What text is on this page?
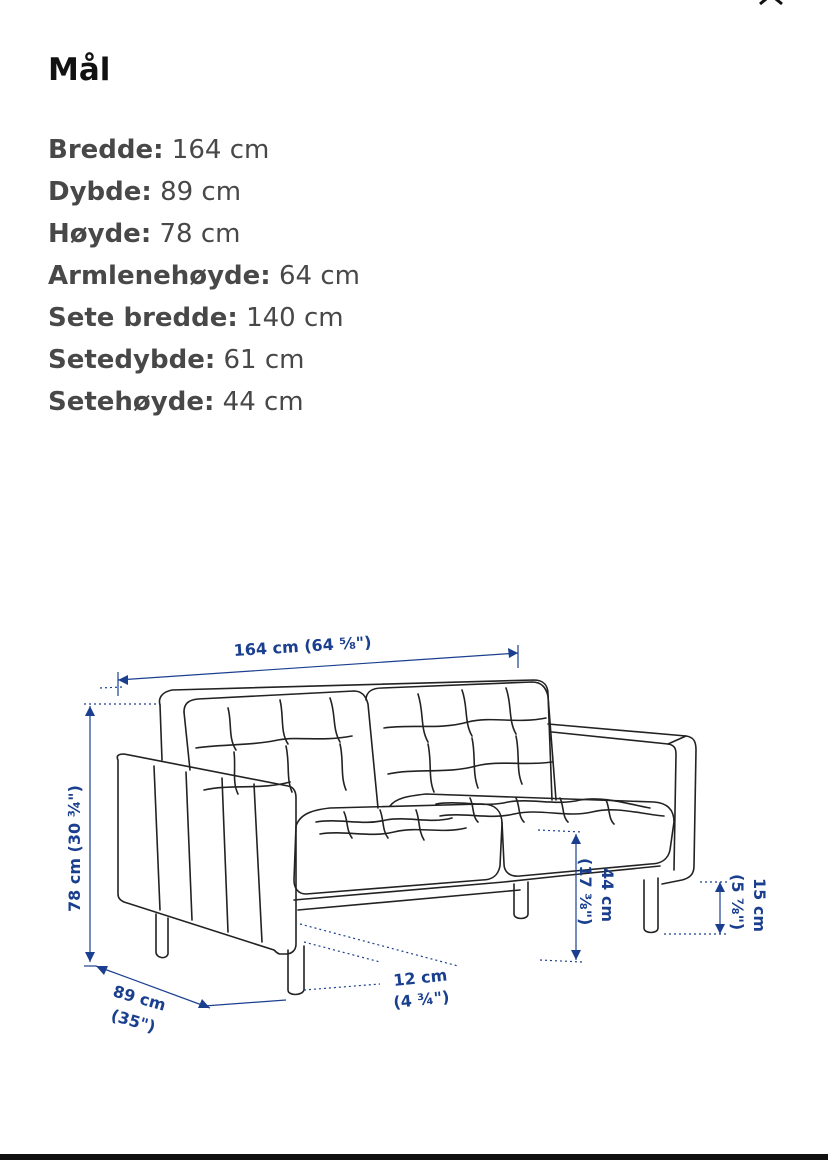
Mål
Bredde: 164 cm
Dybde: 89 cm
Høyde: 78 cm
Armlenehøyde: 64 cm
Sete bredde: 140 cm
Setedybde: 61 cm
Setehøyde: 44 cm
164 cm (64 ⅝")
78 cm (30 ¾")
89 cm
(35")
12 cm
(4 ¾")
44 cm
(17 ⅜")	15 cm
(5 ⅞")
